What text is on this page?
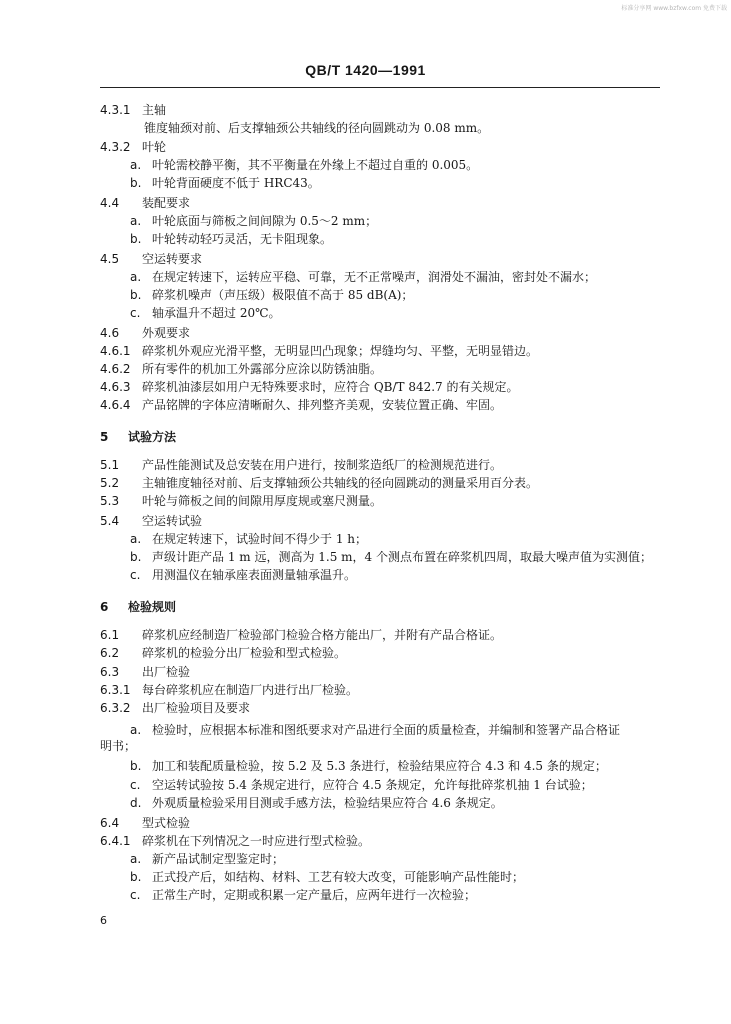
标准分享网 www.bzfxw.com 免费下载
QB/T 1420—1991
4.3.1 主轴
锥度轴颈对前、后支撑轴颈公共轴线的径向圆跳动为 0.08 mm。
4.3.2 叶轮
a. 叶轮需校静平衡，其不平衡量在外缘上不超过自重的 0.005。
b. 叶轮背面硬度不低于 HRC43。
4.4 装配要求
a. 叶轮底面与筛板之间间隙为 0.5～2 mm；
b. 叶轮转动轻巧灵活，无卡阻现象。
4.5 空运转要求
a. 在规定转速下，运转应平稳、可靠，无不正常噪声，润滑处不漏油，密封处不漏水；
b. 碎浆机噪声（声压级）极限值不高于 85 dB(A)；
c. 轴承温升不超过 20℃。
4.6 外观要求
4.6.1 碎浆机外观应光滑平整，无明显凹凸现象；焊缝均匀、平整，无明显错边。
4.6.2 所有零件的机加工外露部分应涂以防锈油脂。
4.6.3 碎浆机油漆层如用户无特殊要求时，应符合 QB/T 842.7 的有关规定。
4.6.4 产品铭牌的字体应清晰耐久、排列整齐美观，安装位置正确、牢固。
5 试验方法
5.1 产品性能测试及总安装在用户进行，按制浆造纸厂的检测规范进行。
5.2 主轴锥度轴径对前、后支撑轴颈公共轴线的径向圆跳动的测量采用百分表。
5.3 叶轮与筛板之间的间隙用厚度规或塞尺测量。
5.4 空运转试验
a. 在规定转速下，试验时间不得少于 1 h；
b. 声级计距产品 1 m 远，测高为 1.5 m，4 个测点布置在碎浆机四周，取最大噪声值为实测值；
c. 用测温仪在轴承座表面测量轴承温升。
6 检验规则
6.1 碎浆机应经制造厂检验部门检验合格方能出厂，并附有产品合格证。
6.2 碎浆机的检验分出厂检验和型式检验。
6.3 出厂检验
6.3.1 每台碎浆机应在制造厂内进行出厂检验。
6.3.2 出厂检验项目及要求
a. 检验时，应根据本标准和图纸要求对产品进行全面的质量检查，并编制和签署产品合格证
明书；
b. 加工和装配质量检验，按 5.2 及 5.3 条进行，检验结果应符合 4.3 和 4.5 条的规定；
c. 空运转试验按 5.4 条规定进行，应符合 4.5 条规定，允许每批碎浆机抽 1 台试验；
d. 外观质量检验采用目测或手感方法，检验结果应符合 4.6 条规定。
6.4 型式检验
6.4.1 碎浆机在下列情况之一时应进行型式检验。
a. 新产品试制定型鉴定时；
b. 正式投产后，如结构、材料、工艺有较大改变，可能影响产品性能时；
c. 正常生产时，定期或积累一定产量后，应两年进行一次检验；
6
